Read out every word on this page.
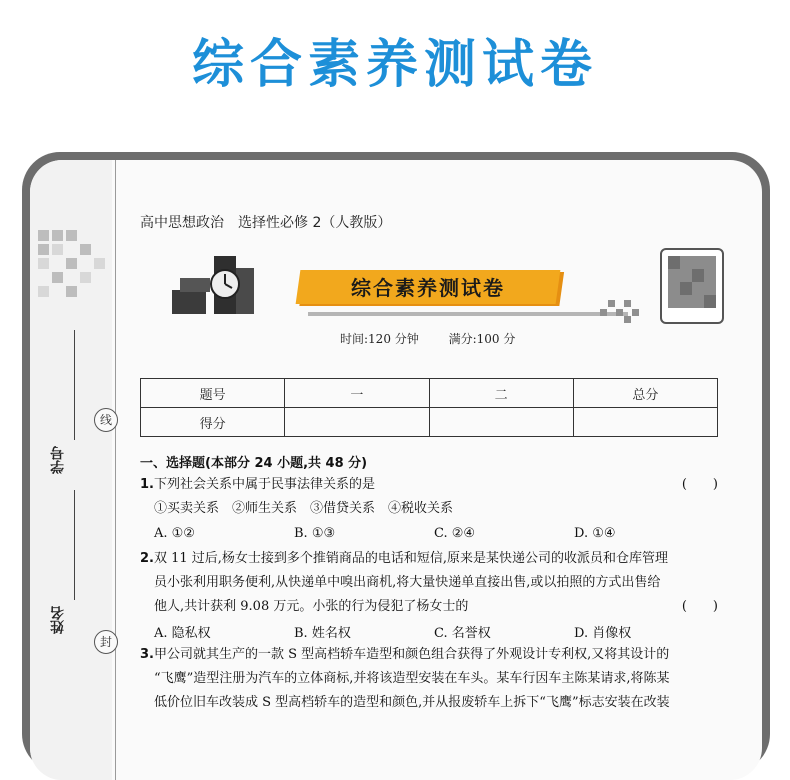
综合素养测试卷
学号
姓名
线
封
高中思想政治　选择性必修 2（人教版）
综合素养测试卷
时间:120 分钟 满分:100 分
题号	一	二	总分
得分			
一、选择题(本部分 24 小题,共 48 分)
1.下列社会关系中属于民事法律关系的是	(　　)
①买卖关系　②师生关系　③借贷关系　④税收关系
A. ①②	B. ①③	C. ②④	D. ①④
2.双 11 过后,杨女士接到多个推销商品的电话和短信,原来是某快递公司的收派员和仓库管理
员小张利用职务便利,从快递单中嗅出商机,将大量快递单直接出售,或以拍照的方式出售给
他人,共计获利 9.08 万元。小张的行为侵犯了杨女士的	(　　)
A. 隐私权	B. 姓名权	C. 名誉权	D. 肖像权
3.甲公司就其生产的一款 S 型高档轿车造型和颜色组合获得了外观设计专利权,又将其设计的
“飞鹰”造型注册为汽车的立体商标,并将该造型安装在车头。某车行因车主陈某请求,将陈某
低价位旧车改装成 S 型高档轿车的造型和颜色,并从报废轿车上拆下“飞鹰”标志安装在改装
